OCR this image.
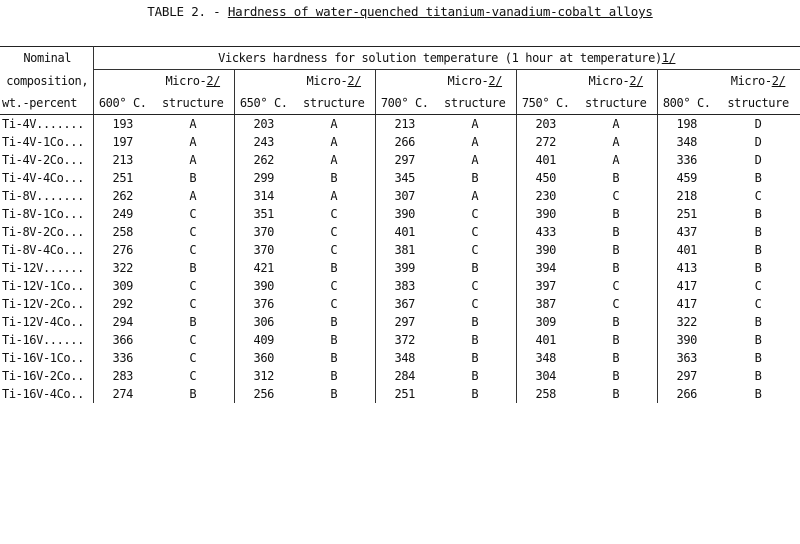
TABLE 2. - Hardness of water-quenched titanium-vanadium-cobalt alloys
Nominal	Vickers hardness for solution temperature (1 hour at temperature)1/									
composition,		Micro-2/		Micro-2/		Micro-2/		Micro-2/		Micro-2/
wt.-percent	600° C.	structure	650° C.	structure	700° C.	structure	750° C.	structure	800° C.	structure
Ti-4V.......	193	A	203	A	213	A	203	A	198	D
Ti-4V-1Co...	197	A	243	A	266	A	272	A	348	D
Ti-4V-2Co...	213	A	262	A	297	A	401	A	336	D
Ti-4V-4Co...	251	B	299	B	345	B	450	B	459	B
Ti-8V.......	262	A	314	A	307	A	230	C	218	C
Ti-8V-1Co...	249	C	351	C	390	C	390	B	251	B
Ti-8V-2Co...	258	C	370	C	401	C	433	B	437	B
Ti-8V-4Co...	276	C	370	C	381	C	390	B	401	B
Ti-12V......	322	B	421	B	399	B	394	B	413	B
Ti-12V-1Co..	309	C	390	C	383	C	397	C	417	C
Ti-12V-2Co..	292	C	376	C	367	C	387	C	417	C
Ti-12V-4Co..	294	B	306	B	297	B	309	B	322	B
Ti-16V......	366	C	409	B	372	B	401	B	390	B
Ti-16V-1Co..	336	C	360	B	348	B	348	B	363	B
Ti-16V-2Co..	283	C	312	B	284	B	304	B	297	B
Ti-16V-4Co..	274	B	256	B	251	B	258	B	266	B
